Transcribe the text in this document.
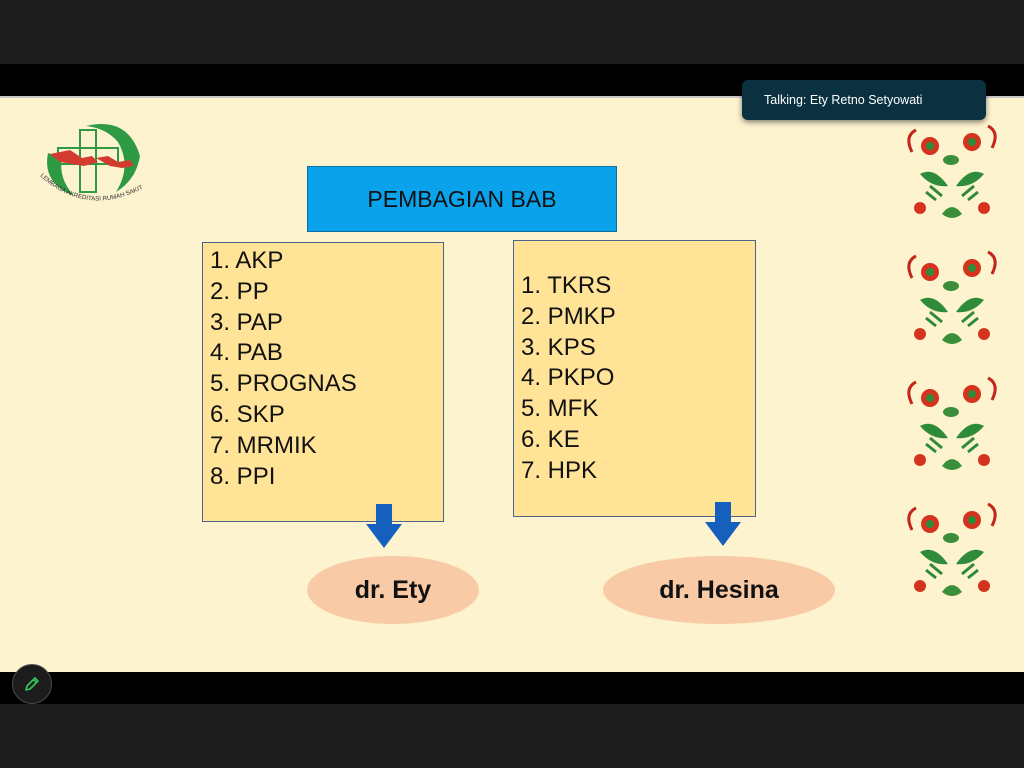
LEMBAGA AKREDITASI RUMAH SAKIT	PEMBAGIAN BAB
1. AKP
2. PP
3. PAP
4. PAB
5. PROGNAS
6. SKP
7. MRMIK
8. PPI
1. TKRS
2. PMKP
3. KPS
4. PKPO
5. MFK
6. KE
7. HPK
dr. Ety	dr. Hesina
Talking: Ety Retno Setyowati
